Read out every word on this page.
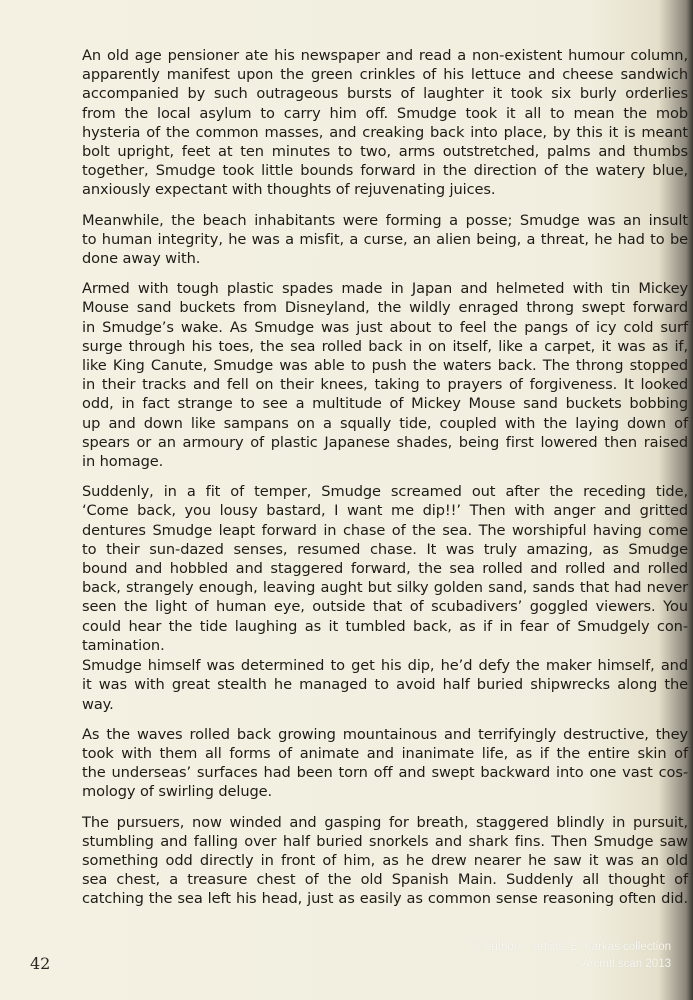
An old age pensioner ate his newspaper and read a non-existent humour column,
apparently manifest upon the green crinkles of his lettuce and cheese sandwich
accompanied by such outrageous bursts of laughter it took six burly orderlies
from the local asylum to carry him off. Smudge took it all to mean the mob
hysteria of the common masses, and creaking back into place, by this it is meant
bolt upright, feet at ten minutes to two, arms outstretched, palms and thumbs
together, Smudge took little bounds forward in the direction of the watery blue,
anxiously expectant with thoughts of rejuvenating juices.

Meanwhile, the beach inhabitants were forming a posse; Smudge was an insult
to human integrity, he was a misfit, a curse, an alien being, a threat, he had to be
done away with.

Armed with tough plastic spades made in Japan and helmeted with tin Mickey
Mouse sand buckets from Disneyland, the wildly enraged throng swept forward
in Smudge’s wake. As Smudge was just about to feel the pangs of icy cold surf
surge through his toes, the sea rolled back in on itself, like a carpet, it was as if,
like King Canute, Smudge was able to push the waters back. The throng stopped
in their tracks and fell on their knees, taking to prayers of forgiveness. It looked
odd, in fact strange to see a multitude of Mickey Mouse sand buckets bobbing
up and down like sampans on a squally tide, coupled with the laying down of
spears or an armoury of plastic Japanese shades, being first lowered then raised
in homage.

Suddenly, in a fit of temper, Smudge screamed out after the receding tide,
‘Come back, you lousy bastard, I want me dip!!’ Then with anger and gritted
dentures Smudge leapt forward in chase of the sea. The worshipful having come
to their sun-dazed senses, resumed chase. It was truly amazing, as Smudge
bound and hobbled and staggered forward, the sea rolled and rolled and rolled
back, strangely enough, leaving aught but silky golden sand, sands that had never
seen the light of human eye, outside that of scubadivers’ goggled viewers. You
could hear the tide laughing as it tumbled back, as if in fear of Smudgely con-
tamination.

Smudge himself was determined to get his dip, he’d defy the maker himself, and
it was with great stealth he managed to avoid half buried shipwrecks along the
way.

As the waves rolled back growing mountainous and terrifyingly destructive, they
took with them all forms of animate and inanimate life, as if the entire skin of
the underseas’ surfaces had been torn off and swept backward into one vast cos-
mology of swirling deluge.

The pursuers, now winded and gasping for breath, staggered blindly in pursuit,
stumbling and falling over half buried snorkels and shark fins. Then Smudge saw
something odd directly in front of him, as he drew nearer he saw it was an old
sea chest, a treasure chest of the old Spanish Main. Suddenly all thought of
catching the sea left his head, just as easily as common sense reasoning often did.

42
© authors - artists, E. Farkas collection
Arcmtl scan 2013
